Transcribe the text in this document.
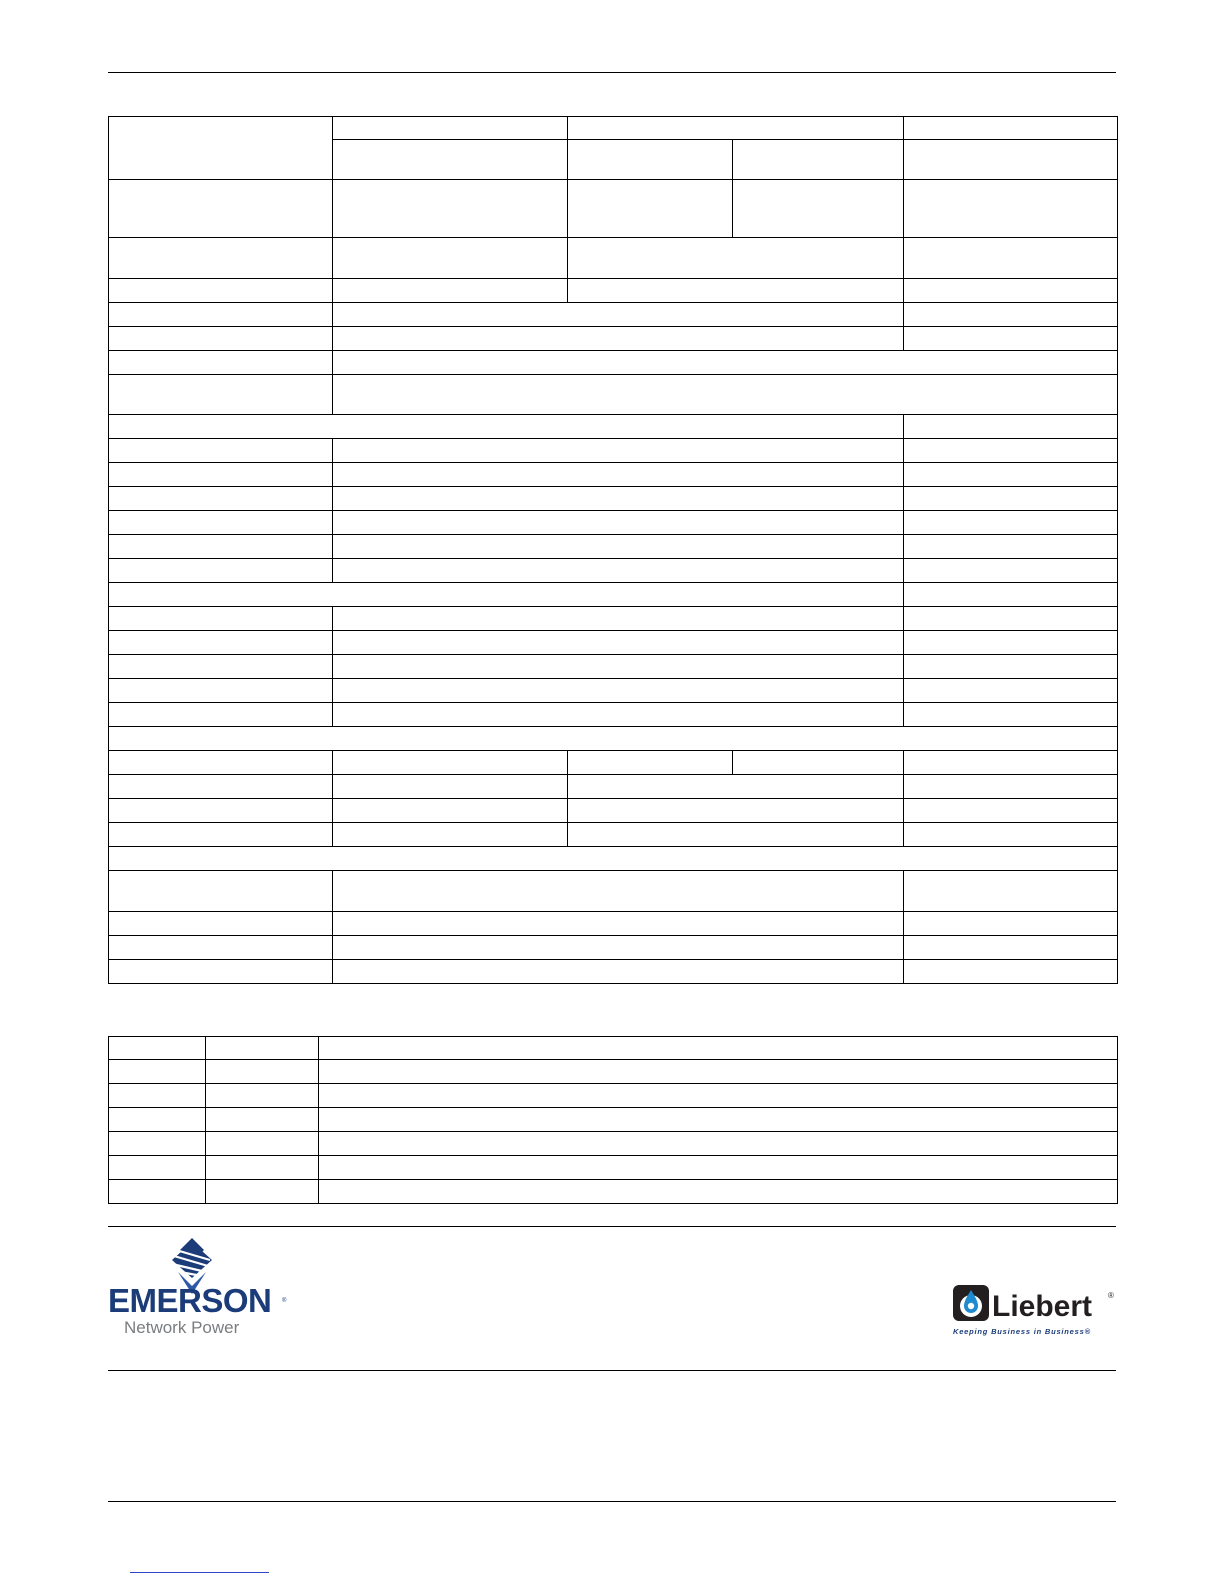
EMERSON ®
Network Power
Liebert ®
Keeping Business in Business®
